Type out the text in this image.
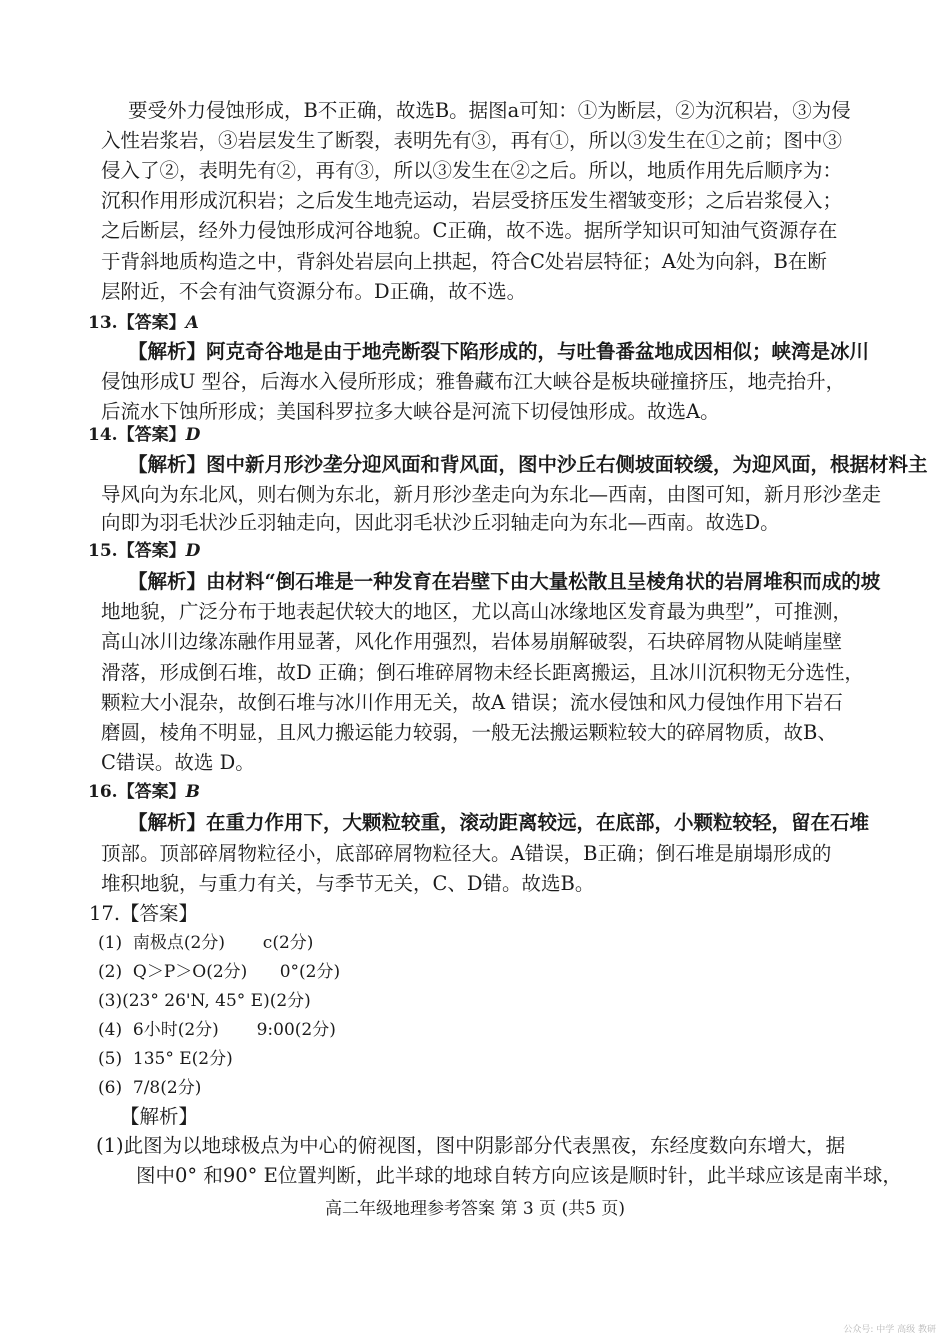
要受外力侵蚀形成，B不正确，故选B。据图a可知：①为断层，②为沉积岩，③为侵
入性岩浆岩，③岩层发生了断裂，表明先有③，再有①，所以③发生在①之前；图中③
侵入了②，表明先有②，再有③，所以③发生在②之后。所以，地质作用先后顺序为：
沉积作用形成沉积岩；之后发生地壳运动，岩层受挤压发生褶皱变形；之后岩浆侵入；
之后断层，经外力侵蚀形成河谷地貌。C正确，故不选。据所学知识可知油气资源存在
于背斜地质构造之中，背斜处岩层向上拱起，符合C处岩层特征；A处为向斜，B在断
层附近，不会有油气资源分布。D正确，故不选。
13.【答案】A
【解析】阿克奇谷地是由于地壳断裂下陷形成的，与吐鲁番盆地成因相似；峡湾是冰川
侵蚀形成U 型谷，后海水入侵所形成；雅鲁藏布江大峡谷是板块碰撞挤压，地壳抬升，
后流水下蚀所形成；美国科罗拉多大峡谷是河流下切侵蚀形成。故选A。
14.【答案】D
【解析】图中新月形沙垄分迎风面和背风面，图中沙丘右侧坡面较缓，为迎风面，根据材料主
导风向为东北风，则右侧为东北，新月形沙垄走向为东北—西南，由图可知，新月形沙垄走
向即为羽毛状沙丘羽轴走向，因此羽毛状沙丘羽轴走向为东北—西南。故选D。
15.【答案】D
【解析】由材料“倒石堆是一种发育在岩壁下由大量松散且呈棱角状的岩屑堆积而成的坡
地地貌，广泛分布于地表起伏较大的地区，尤以高山冰缘地区发育最为典型”，可推测，
高山冰川边缘冻融作用显著，风化作用强烈，岩体易崩解破裂，石块碎屑物从陡峭崖壁
滑落，形成倒石堆，故D 正确；倒石堆碎屑物未经长距离搬运，且冰川沉积物无分选性，
颗粒大小混杂，故倒石堆与冰川作用无关，故A 错误；流水侵蚀和风力侵蚀作用下岩石
磨圆，棱角不明显，且风力搬运能力较弱，一般无法搬运颗粒较大的碎屑物质，故B、
C错误。故选 D。
16.【答案】B
【解析】在重力作用下，大颗粒较重，滚动距离较远，在底部，小颗粒较轻，留在石堆
顶部。顶部碎屑物粒径小，底部碎屑物粒径大。A错误，B正确；倒石堆是崩塌形成的
堆积地貌，与重力有关，与季节无关，C、D错。故选B。
17.【答案】
(1)  南极点(2分)       c(2分)
(2)  Q＞P＞O(2分)      0°(2分)
(3)(23° 26'N, 45° E)(2分)
(4)  6小时(2分)       9:00(2分)
(5)  135° E(2分)
(6)  7/8(2分)
【解析】
(1)此图为以地球极点为中心的俯视图，图中阴影部分代表黑夜，东经度数向东增大，据
图中0° 和90° E位置判断，此半球的地球自转方向应该是顺时针，此半球应该是南半球，
高二年级地理参考答案 第 3 页 (共5 页)
公众号: 中学 高级 教研
